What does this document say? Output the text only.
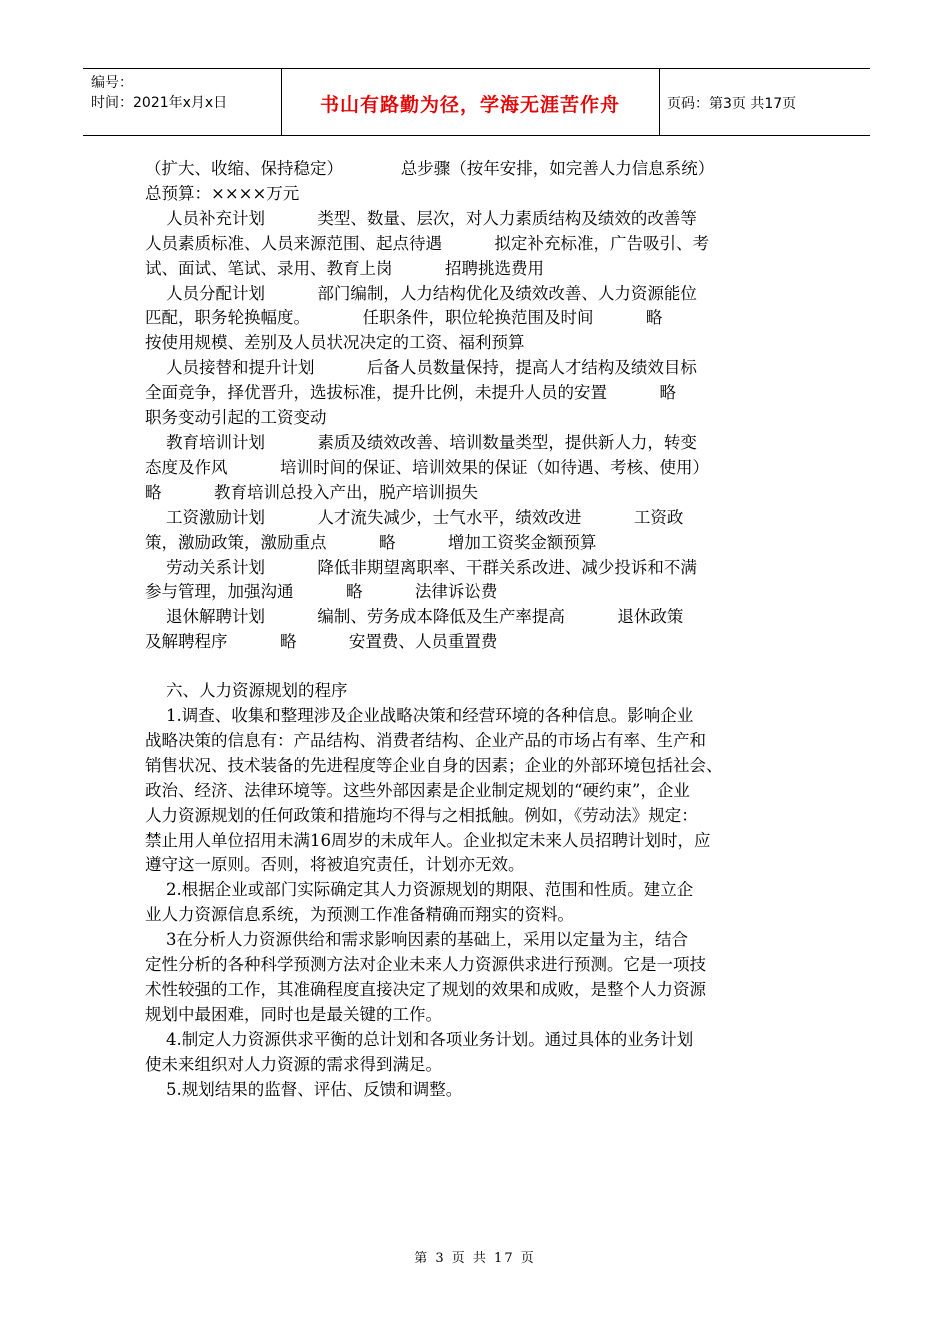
编号：
时间：2021年x月x日	书山有路勤为径，学海无涯苦作舟	页码：第3页 共17页

（扩大、收缩、保持稳定）           总步骤（按年安排，如完善人力信息系统）

总预算：××××万元

人员补充计划          类型、数量、层次，对人力素质结构及绩效的改善等

人员素质标准、人员来源范围、起点待遇          拟定补充标准，广告吸引、考

试、面试、笔试、录用、教育上岗          招聘挑选费用

人员分配计划          部门编制，人力结构优化及绩效改善、人力资源能位

匹配，职务轮换幅度。          任职条件，职位轮换范围及时间          略

按使用规模、差别及人员状况决定的工资、福利预算

人员接替和提升计划          后备人员数量保持，提高人才结构及绩效目标

全面竞争，择优晋升，选拔标准，提升比例，未提升人员的安置          略

职务变动引起的工资变动

教育培训计划          素质及绩效改善、培训数量类型，提供新人力，转变

态度及作风          培训时间的保证、培训效果的保证（如待遇、考核、使用）

略          教育培训总投入产出，脱产培训损失

工资激励计划          人才流失减少，士气水平，绩效改进          工资政

策，激励政策，激励重点          略          增加工资奖金额预算

劳动关系计划          降低非期望离职率、干群关系改进、减少投诉和不满

参与管理，加强沟通          略          法律诉讼费

退休解聘计划          编制、劳务成本降低及生产率提高          退休政策

及解聘程序          略          安置费、人员重置费

六、人力资源规划的程序

1.调查、收集和整理涉及企业战略决策和经营环境的各种信息。影响企业

战略决策的信息有：产品结构、消费者结构、企业产品的市场占有率、生产和

销售状况、技术装备的先进程度等企业自身的因素；企业的外部环境包括社会、

政治、经济、法律环境等。这些外部因素是企业制定规划的“硬约束”，企业

人力资源规划的任何政策和措施均不得与之相抵触。例如，《劳动法》规定：

禁止用人单位招用未满16周岁的未成年人。企业拟定未来人员招聘计划时，应

遵守这一原则。否则，将被追究责任，计划亦无效。

2.根据企业或部门实际确定其人力资源规划的期限、范围和性质。建立企

业人力资源信息系统，为预测工作准备精确而翔实的资料。

3在分析人力资源供给和需求影响因素的基础上，采用以定量为主，结合

定性分析的各种科学预测方法对企业未来人力资源供求进行预测。它是一项技

术性较强的工作，其准确程度直接决定了规划的效果和成败，是整个人力资源

规划中最困难，同时也是最关键的工作。

4.制定人力资源供求平衡的总计划和各项业务计划。通过具体的业务计划

使未来组织对人力资源的需求得到满足。

5.规划结果的监督、评估、反馈和调整。

第 3 页 共 17 页
